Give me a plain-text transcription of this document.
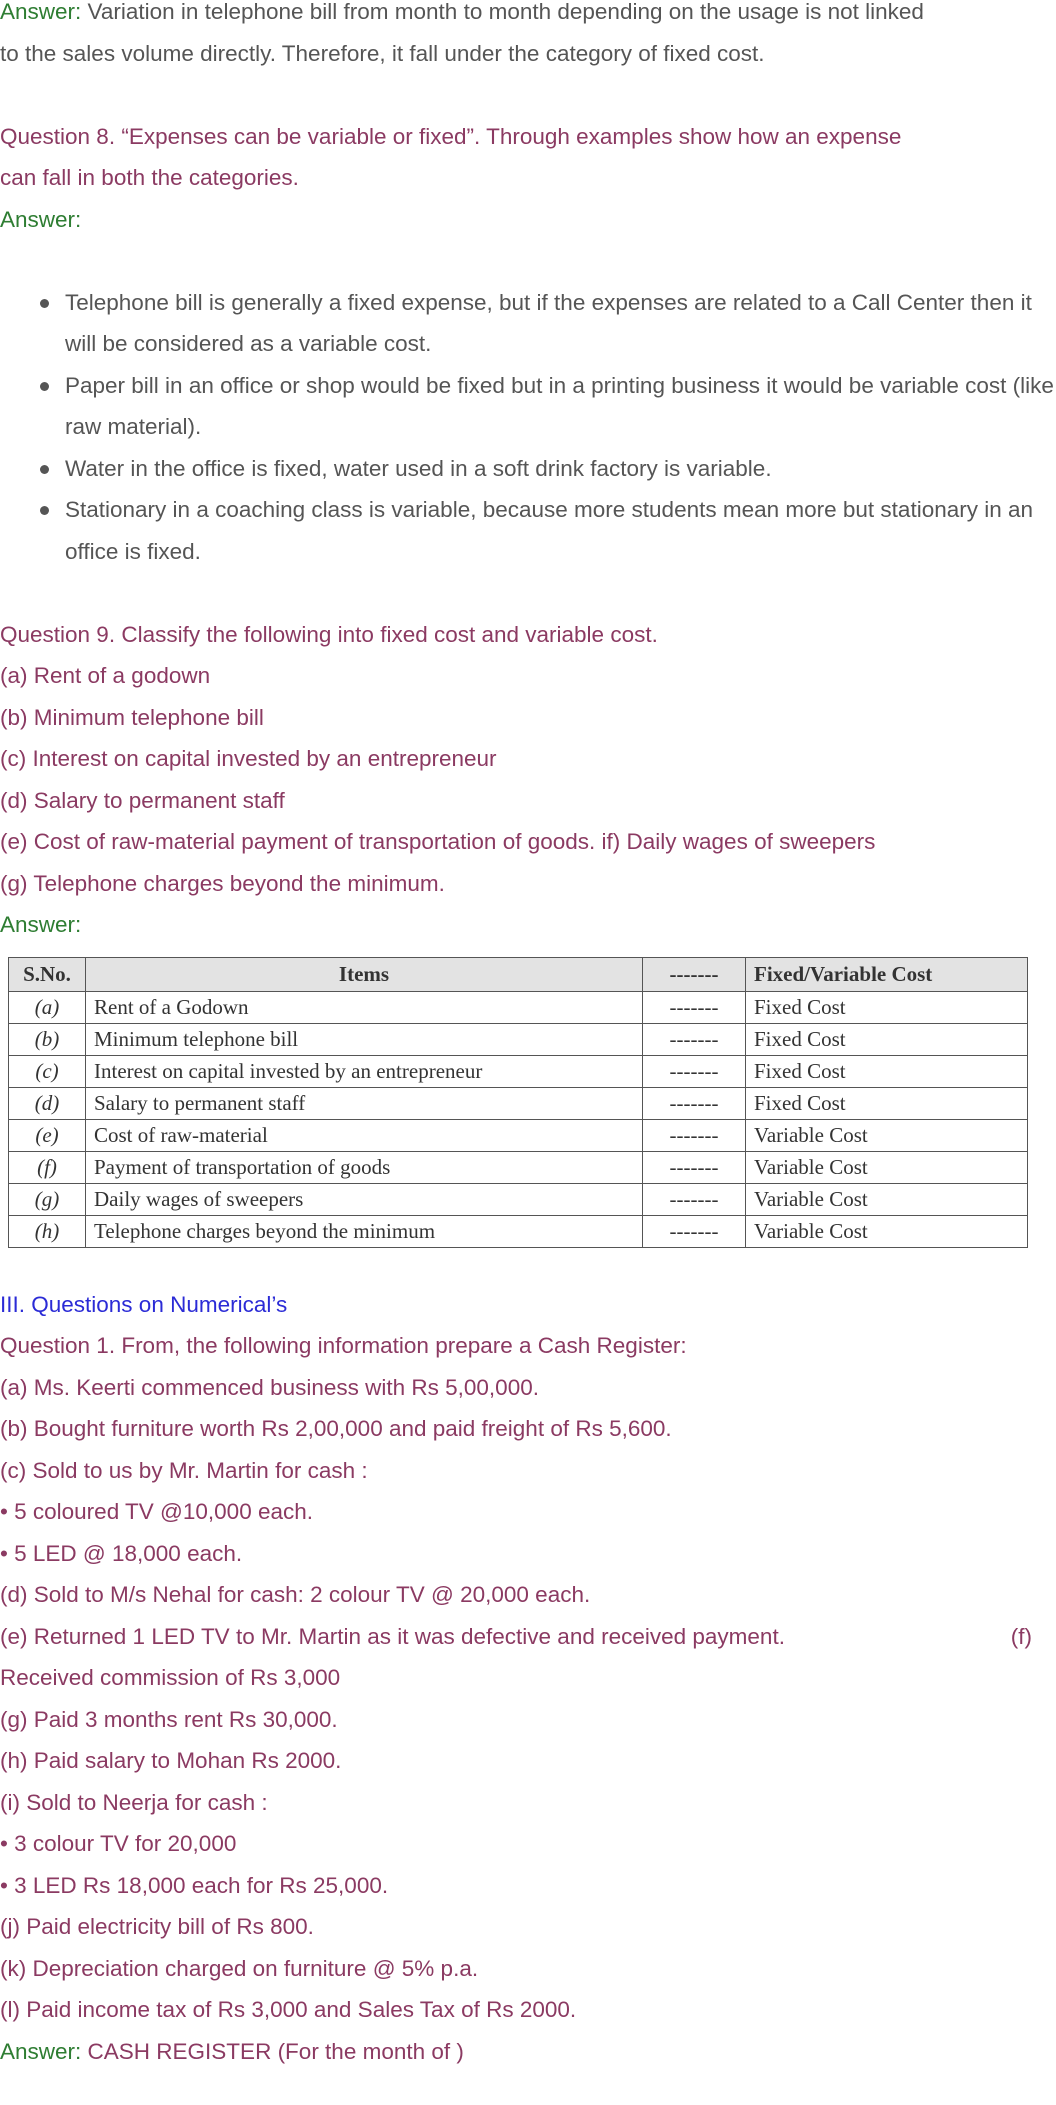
Answer: Variation in telephone bill from month to month depending on the usage is not linked

to the sales volume directly. Therefore, it fall under the category of fixed cost.

Question 8. “Expenses can be variable or fixed”. Through examples show how an expense

can fall in both the categories.

Answer:

Telephone bill is generally a fixed expense, but if the expenses are related to a Call Center then it will be considered as a variable cost.
Paper bill in an office or shop would be fixed but in a printing business it would be variable cost (like raw material).
Water in the office is fixed, water used in a soft drink factory is variable.
Stationary in a coaching class is variable, because more students mean more but stationary in an office is fixed.

Question 9. Classify the following into fixed cost and variable cost.

(a) Rent of a godown

(b) Minimum telephone bill

(c) Interest on capital invested by an entrepreneur

(d) Salary to permanent staff

(e) Cost of raw-material payment of transportation of goods. if) Daily wages of sweepers

(g) Telephone charges beyond the minimum.

Answer:

III. Questions on Numerical’s

Question 1. From, the following information prepare a Cash Register:

(a) Ms. Keerti commenced business with Rs 5,00,000.

(b) Bought furniture worth Rs 2,00,000 and paid freight of Rs 5,600.

(c) Sold to us by Mr. Martin for cash :

• 5 coloured TV @10,000 each.

• 5 LED @ 18,000 each.

(d) Sold to M/s Nehal for cash: 2 colour TV @ 20,000 each.

(e) Returned 1 LED TV to Mr. Martin as it was defective and received payment.	(f)

Received commission of Rs 3,000

(g) Paid 3 months rent Rs 30,000.

(h) Paid salary to Mohan Rs 2000.

(i) Sold to Neerja for cash :

• 3 colour TV for 20,000

• 3 LED Rs 18,000 each for Rs 25,000.

(j) Paid electricity bill of Rs 800.

(k) Depreciation charged on furniture @ 5% p.a.

(l) Paid income tax of Rs 3,000 and Sales Tax of Rs 2000.

Answer: CASH REGISTER (For the month of )

S.No.	Items	-------	Fixed/Variable Cost
(a)	Rent of a Godown	-------	Fixed Cost
(b)	Minimum telephone bill	-------	Fixed Cost
(c)	Interest on capital invested by an entrepreneur	-------	Fixed Cost
(d)	Salary to permanent staff	-------	Fixed Cost
(e)	Cost of raw-material	-------	Variable Cost
(f)	Payment of transportation of goods	-------	Variable Cost
(g)	Daily wages of sweepers	-------	Variable Cost
(h)	Telephone charges beyond the minimum	-------	Variable Cost
